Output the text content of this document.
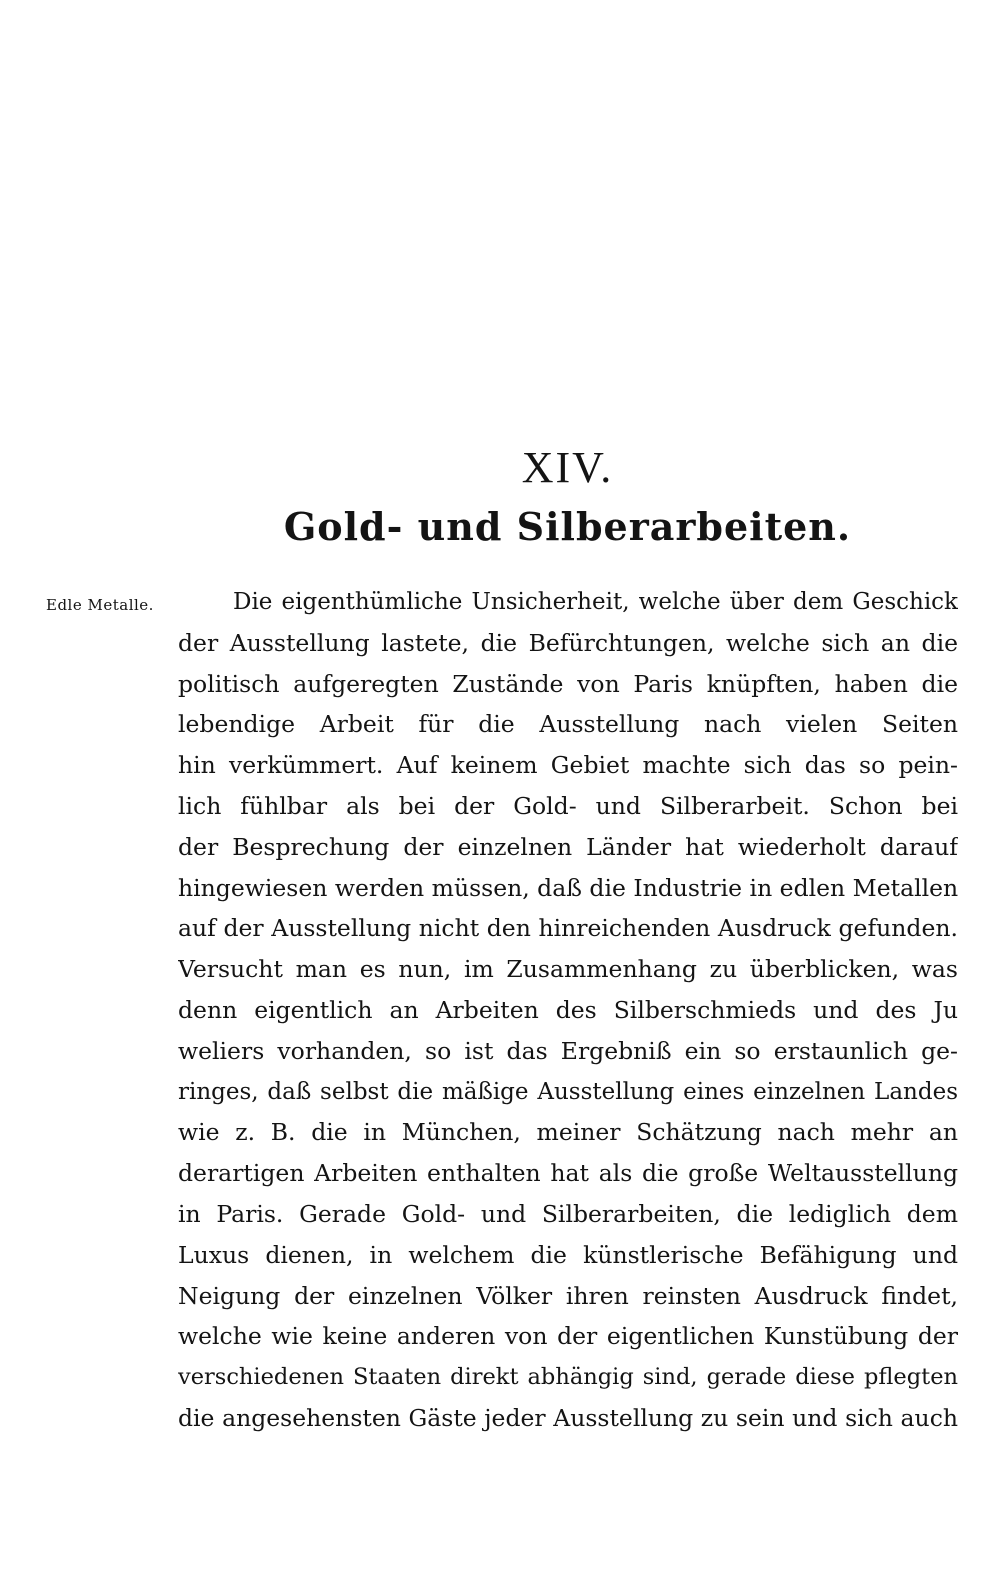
XIV.
Gold- und Silberarbeiten.

Edle Metalle.	Die eigenthümliche Unsicherheit, welche über dem Geschick
der Ausstellung lastete, die Befürchtungen, welche sich an die
politisch aufgeregten Zustände von Paris knüpften, haben die
lebendige Arbeit für die Ausstellung nach vielen Seiten
hin verkümmert. Auf keinem Gebiet machte sich das so pein-
lich fühlbar als bei der Gold- und Silberarbeit. Schon bei
der Besprechung der einzelnen Länder hat wiederholt darauf
hingewiesen werden müssen, daß die Industrie in edlen Metallen
auf der Ausstellung nicht den hinreichenden Ausdruck gefunden.
Versucht man es nun, im Zusammenhang zu überblicken, was
denn eigentlich an Arbeiten des Silberschmieds und des Ju
weliers vorhanden, so ist das Ergebniß ein so erstaunlich ge-
ringes, daß selbst die mäßige Ausstellung eines einzelnen Landes
wie z. B. die in München, meiner Schätzung nach mehr an
derartigen Arbeiten enthalten hat als die große Weltausstellung
in Paris. Gerade Gold- und Silberarbeiten, die lediglich dem
Luxus dienen, in welchem die künstlerische Befähigung und
Neigung der einzelnen Völker ihren reinsten Ausdruck findet,
welche wie keine anderen von der eigentlichen Kunstübung der
verschiedenen Staaten direkt abhängig sind, gerade diese pflegten
die angesehensten Gäste jeder Ausstellung zu sein und sich auch
